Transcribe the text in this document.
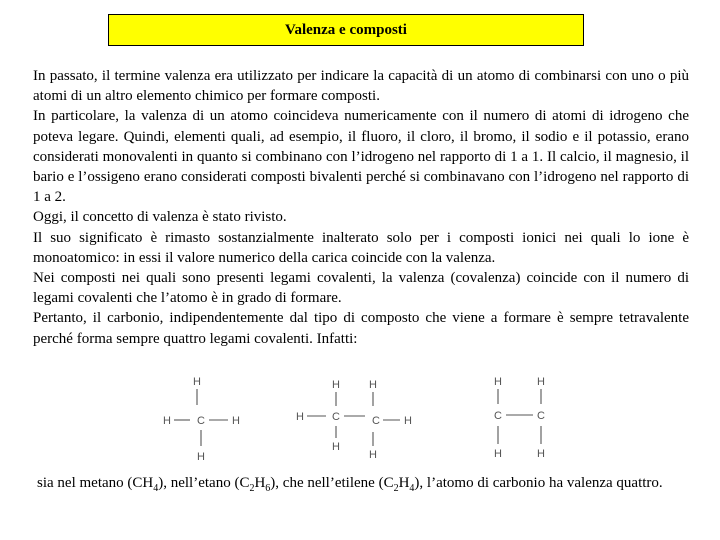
Valenza e composti

In passato, il termine valenza era utilizzato per indicare la capacità di un atomo di combinarsi con uno o più atomi di un altro elemento chimico per formare composti.

In particolare, la valenza di un atomo coincideva numericamente con il numero di atomi di idrogeno che poteva legare. Quindi, elementi quali, ad esempio, il fluoro, il cloro, il bromo, il sodio e il potassio, erano considerati monovalenti in quanto si combinano con l’idrogeno nel rapporto di 1 a 1. Il calcio, il magnesio, il bario e l’ossigeno erano considerati composti bivalenti perché si combinavano con l’idrogeno nel rapporto di 1 a 2.

Oggi, il concetto di valenza è stato rivisto.

Il suo significato è rimasto sostanzialmente inalterato solo per i composti ionici nei quali lo ione è monoatomico: in essi il valore numerico della carica coincide con la valenza.

Nei composti nei quali sono presenti legami covalenti, la valenza (covalenza) coincide con il numero di legami covalenti che l’atomo è in grado di formare.

Pertanto, il carbonio, indipendentemente dal tipo di composto che viene a formare è sempre tetravalente perché forma sempre quattro legami covalenti. Infatti:

H
H C H
H
H	H
H	C	C H
H
H
H	H
C	C
H	H
sia nel metano $(CH_4)$, nell’etano $(C_2H_6)$, che nell’etilene $(C_2H_4)$, l’atomo di carbonio ha valenza quattro.
